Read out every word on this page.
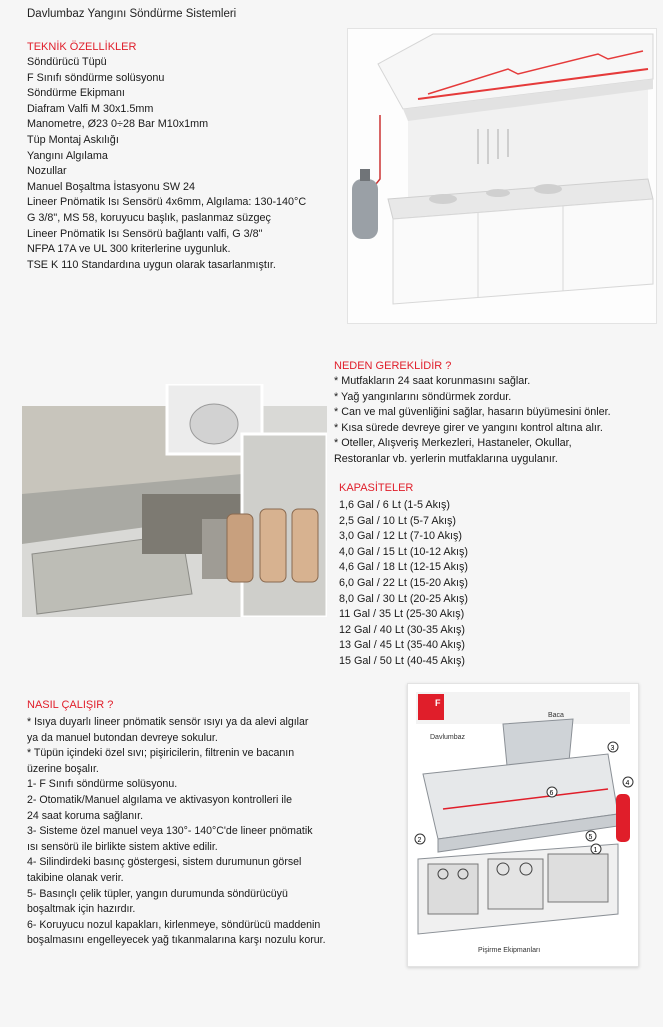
Davlumbaz Yangını Söndürme Sistemleri
TEKNİK ÖZELLİKLER
Söndürücü Tüpü
F Sınıfı söndürme solüsyonu
Söndürme Ekipmanı
Diafram Valfi M 30x1.5mm
Manometre, Ø23 0÷28 Bar M10x1mm
Tüp Montaj Askılığı
Yangını Algılama
Nozullar
Manuel Boşaltma İstasyonu SW 24
Lineer Pnömatik Isı Sensörü 4x6mm, Algılama: 130-140°C
G 3/8", MS 58, koruyucu başlık, paslanmaz süzgeç
Lineer Pnömatik Isı Sensörü bağlantı valfi, G 3/8"
NFPA 17A ve UL 300 kriterlerine uygunluk.
TSE K 110 Standardına uygun olarak tasarlanmıştır.
NEDEN GEREKLİDİR ?
* Mutfakların 24 saat korunmasını sağlar.
* Yağ yangınlarını söndürmek zordur.
* Can ve mal güvenliğini sağlar, hasarın büyümesini önler.
* Kısa sürede devreye girer ve yangını kontrol altına alır.
* Oteller, Alışveriş Merkezleri, Hastaneler, Okullar,
Restoranlar vb. yerlerin mutfaklarına uygulanır.
KAPASİTELER
1,6 Gal / 6 Lt (1-5 Akış)
2,5 Gal / 10 Lt (5-7 Akış)
3,0 Gal / 12 Lt (7-10 Akış)
4,0 Gal / 15 Lt (10-12 Akış)
4,6 Gal / 18 Lt (12-15 Akış)
6,0 Gal / 22 Lt (15-20 Akış)
8,0 Gal / 30 Lt (20-25 Akış)
11 Gal / 35 Lt (25-30 Akış)
12 Gal / 40 Lt (30-35 Akış)
13 Gal / 45 Lt (35-40 Akış)
15 Gal / 50 Lt (40-45 Akış)
NASIL ÇALIŞIR ?
* Isıya duyarlı lineer pnömatik sensör ısıyı ya da alevi algılar
ya da manuel butondan devreye sokulur.
* Tüpün içindeki özel sıvı; pişiricilerin, filtrenin ve bacanın
üzerine boşalır.
1- F Sınıfı söndürme solüsyonu.
2- Otomatik/Manuel algılama ve aktivasyon kontrolleri ile
24 saat koruma sağlanır.
3- Sisteme özel manuel veya 130°- 140°C'de lineer pnömatik
ısı sensörü ile birlikte sistem aktive edilir.
4- Silindirdeki basınç göstergesi, sistem durumunun görsel
takibine olanak verir.
5- Basınçlı çelik tüpler, yangın durumunda söndürücüyü
boşaltmak için hazırdır.
6- Koruyucu nozul kapakları, kirlenmeye, söndürücü maddenin
boşalmasını engelleyecek yağ tıkanmalarına karşı nozulu korur.
F
Davlumbaz
Baca
Pişirme Ekipmanları
1
2
3
4
5
6
